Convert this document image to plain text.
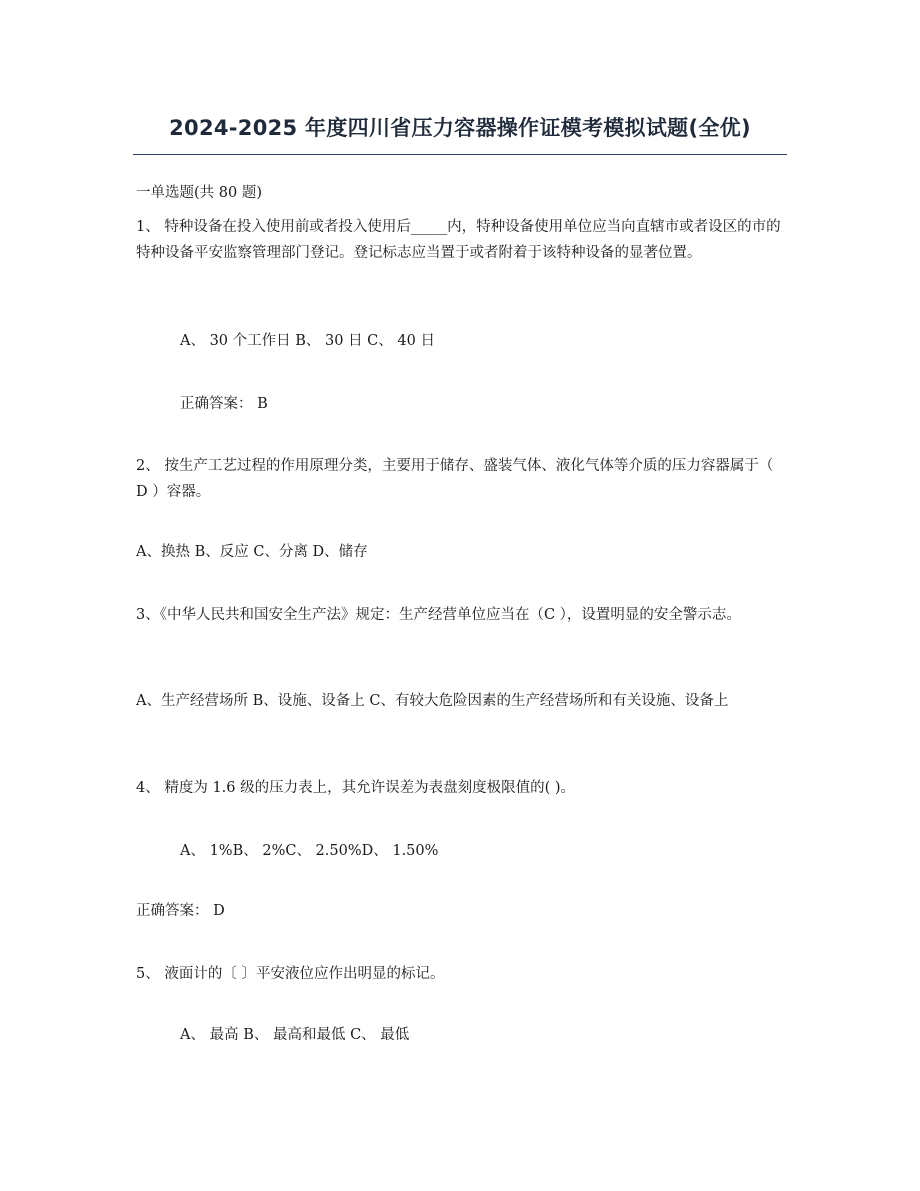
2024-2025 年度四川省压力容器操作证模考模拟试题(全优)
一单选题(共 80 题)
1、 特种设备在投入使用前或者投入使用后_____内，特种设备使用单位应当向直辖市或者设区的市的特种设备平安监察管理部门登记。登记标志应当置于或者附着于该特种设备的显著位置。
A、 30 个工作日 B、 30 日 C、 40 日
正确答案： B
2、 按生产工艺过程的作用原理分类，主要用于储存、盛装气体、液化气体等介质的压力容器属于（ D ）容器。
A、换热 B、反应 C、分离 D、储存
3、《中华人民共和国安全生产法》规定：生产经营单位应当在（C ），设置明显的安全警示志。
A、生产经营场所 B、设施、设备上 C、有较大危险因素的生产经营场所和有关设施、设备上
4、 精度为 1.6 级的压力表上，其允许误差为表盘刻度极限值的( )。
A、 1%B、 2%C、 2.50%D、 1.50%
正确答案： D
5、 液面计的〔 〕平安液位应作出明显的标记。
A、 最高 B、 最高和最低 C、 最低
